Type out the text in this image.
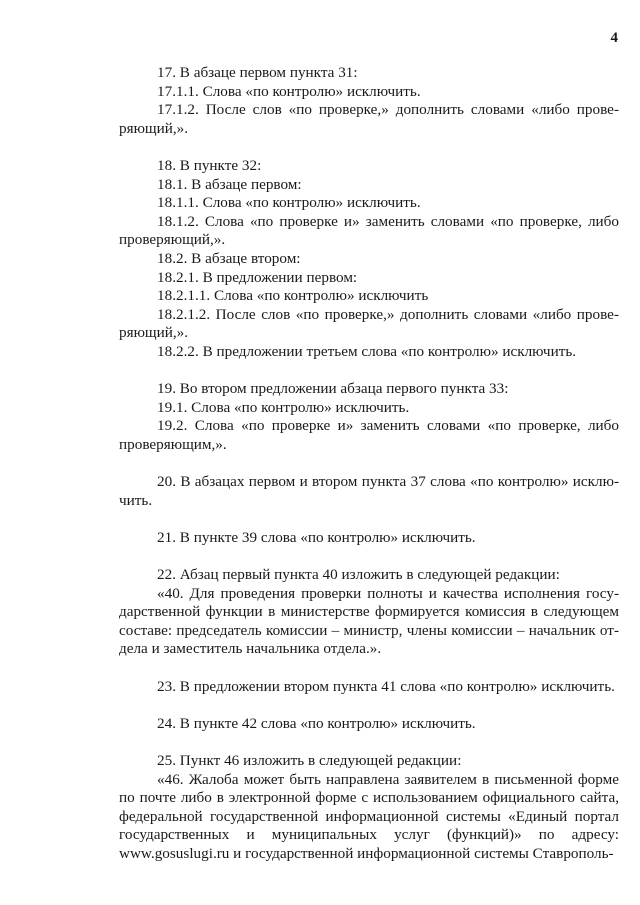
4

17. В абзаце первом пункта 31:

17.1.1. Слова «по контролю» исключить.

17.1.2. После слов «по проверке,» дополнить словами «либо проверяющий,».

18. В пункте 32:

18.1. В абзаце первом:

18.1.1. Слова «по контролю» исключить.

18.1.2. Слова «по проверке и» заменить словами «по проверке, либо проверяющий,».

18.2. В абзаце втором:

18.2.1. В предложении первом:

18.2.1.1. Слова «по контролю» исключить

18.2.1.2. После слов «по проверке,» дополнить словами «либо проверяющий,».

18.2.2. В предложении третьем слова «по контролю» исключить.

19. Во втором предложении абзаца первого пункта 33:

19.1. Слова «по контролю» исключить.

19.2. Слова «по проверке и» заменить словами «по проверке, либо проверяющим,».

20. В абзацах первом и втором пункта 37 слова «по контролю» исключить.

21. В пункте 39 слова «по контролю» исключить.

22. Абзац первый пункта 40 изложить в следующей редакции:

«40. Для проведения проверки полноты и качества исполнения государственной функции в министерстве формируется комиссия в следующем составе: председатель комиссии – министр, члены комиссии – начальник отдела и заместитель начальника отдела.».

23. В предложении втором пункта 41 слова «по контролю» исключить.

24. В пункте 42 слова «по контролю» исключить.

25. Пункт 46 изложить в следующей редакции:

«46. Жалоба может быть направлена заявителем в письменной форме по почте либо в электронной форме с использованием официального сайта, федеральной государственной информационной системы «Единый портал государственных и муниципальных услуг (функций)» по адресу: www.gosuslugi.ru и государственной информационной системы Ставрополь-
